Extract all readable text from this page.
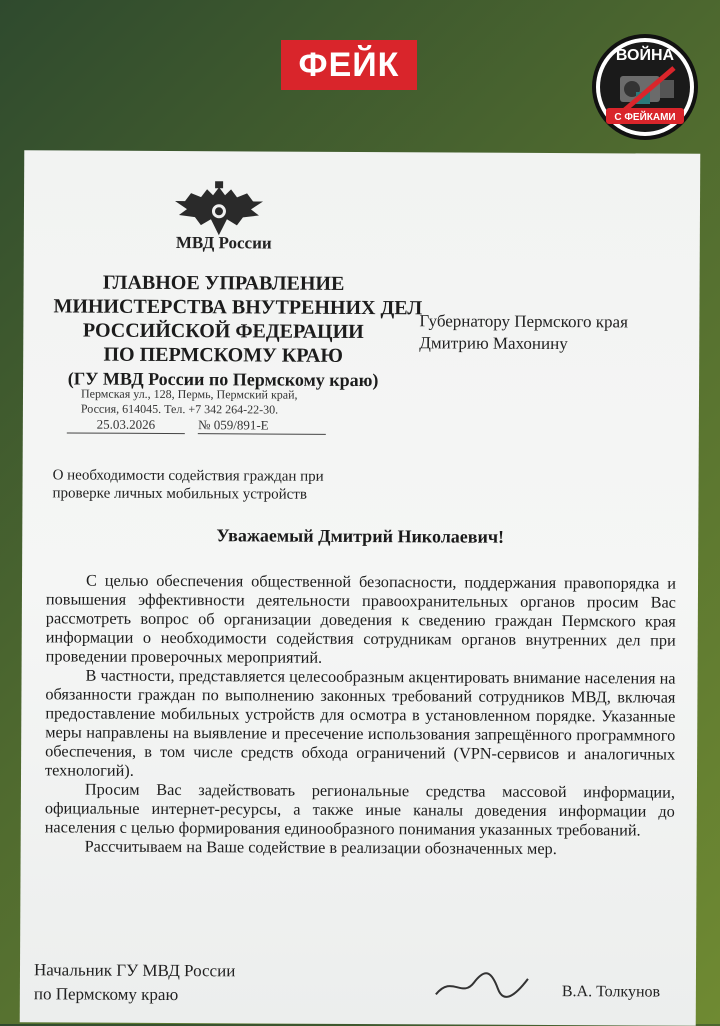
ФЕЙК	ВОЙНА
С ФЕЙКАМИ
МВД России
ГЛАВНОЕ УПРАВЛЕНИЕ
МИНИСТЕРСТВА ВНУТРЕННИХ ДЕЛ
РОССИЙСКОЙ ФЕДЕРАЦИИ
ПО ПЕРМСКОМУ КРАЮ
(ГУ МВД России по Пермскому краю)
Пермская ул., 128, Пермь, Пермский край,
Россия, 614045. Тел. +7 342 264-22-30.
25.03.2026	№ 059/891-Е
Губернатору Пермского края
Дмитрию Махонину
О необходимости содействия граждан при
проверке личных мобильных устройств
Уважаемый Дмитрий Николаевич!

С целью обеспечения общественной безопасности, поддержания правопорядка и повышения эффективности деятельности правоохранительных органов просим Вас рассмотреть вопрос об организации доведения к сведению граждан Пермского края информации о необходимости содействия сотрудникам органов внутренних дел при проведении проверочных мероприятий.

В частности, представляется целесообразным акцентировать внимание населения на обязанности граждан по выполнению законных требований сотрудников МВД, включая предоставление мобильных устройств для осмотра в установленном порядке. Указанные меры направлены на выявление и пресечение использования запрещённого программного обеспечения, в том числе средств обхода ограничений (VPN-сервисов и аналогичных технологий).

Просим Вас задействовать региональные средства массовой информации, официальные интернет-ресурсы, а также иные каналы доведения информации до населения с целью формирования единообразного понимания указанных требований.

Рассчитываем на Ваше содействие в реализации обозначенных мер.

Начальник ГУ МВД России
по Пермскому краю	В.А. Толкунов
